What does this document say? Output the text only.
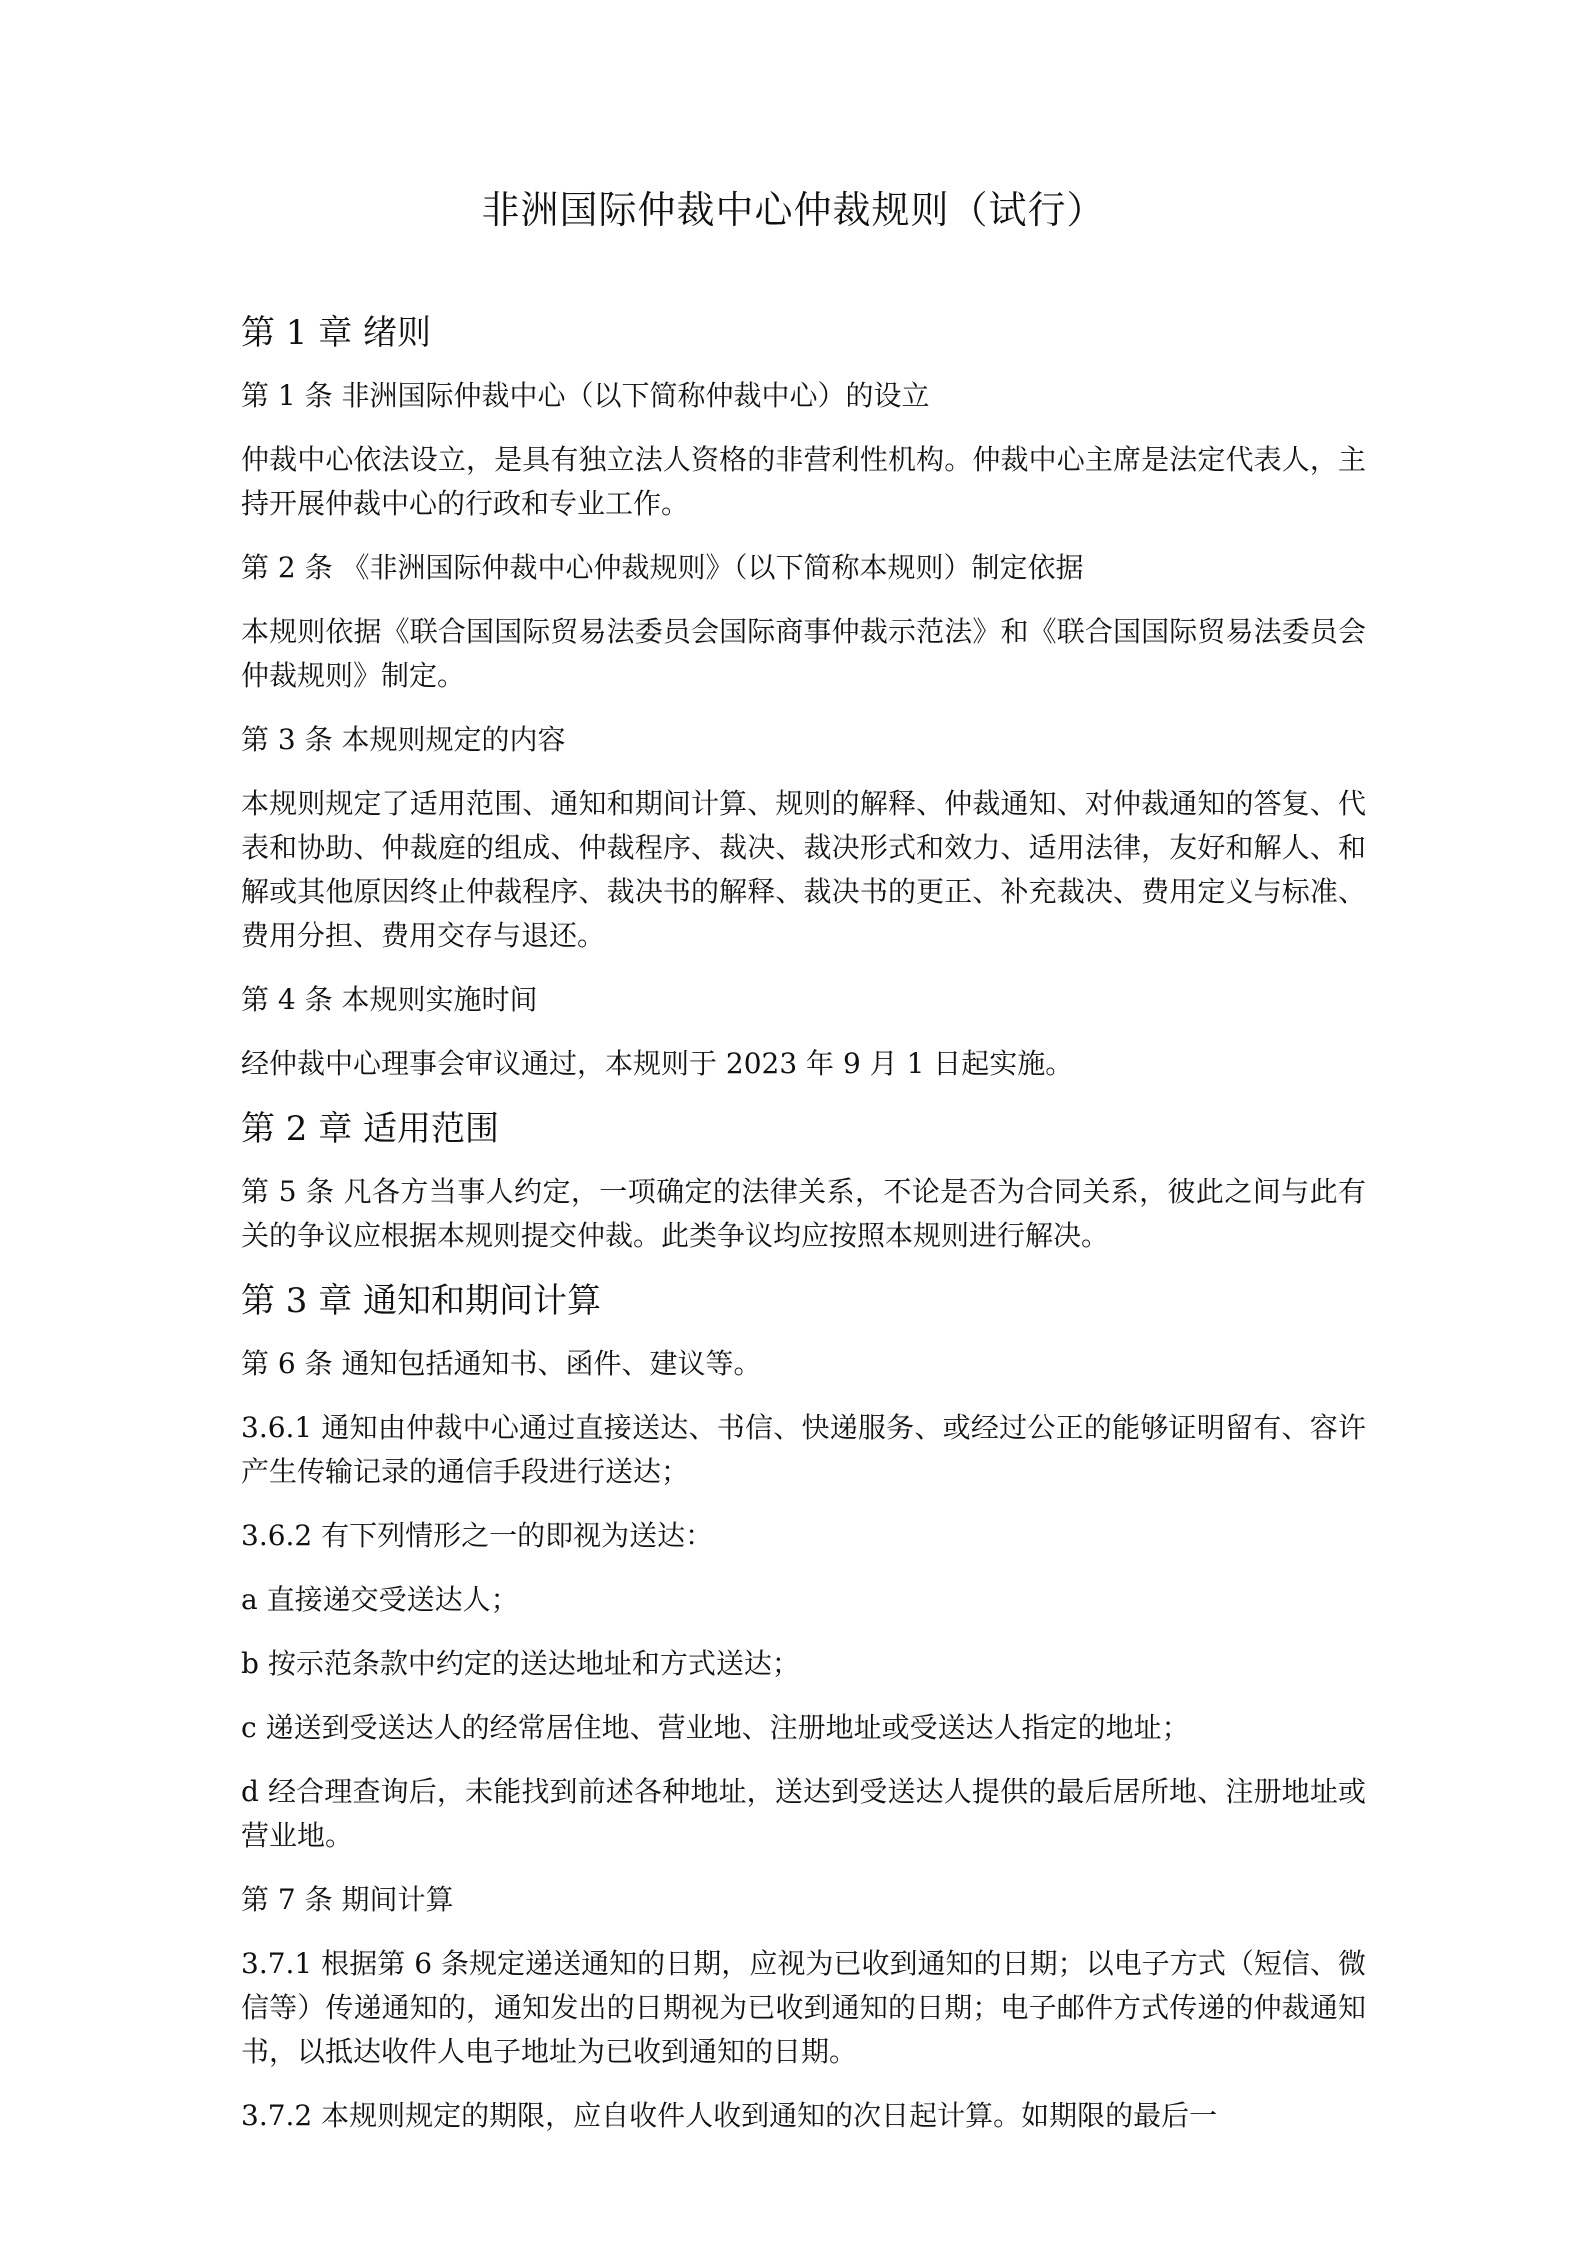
非洲国际仲裁中心仲裁规则（试行）
第 1 章 绪则
第 1 条 非洲国际仲裁中心（以下简称仲裁中心）的设立
仲裁中心依法设立，是具有独立法人资格的非营利性机构。仲裁中心主席是法定代表人，主持开展仲裁中心的行政和专业工作。
第 2 条 《非洲国际仲裁中心仲裁规则》（以下简称本规则）制定依据
本规则依据《联合国国际贸易法委员会国际商事仲裁示范法》和《联合国国际贸易法委员会仲裁规则》制定。
第 3 条 本规则规定的内容
本规则规定了适用范围、通知和期间计算、规则的解释、仲裁通知、对仲裁通知的答复、代表和协助、仲裁庭的组成、仲裁程序、裁决、裁决形式和效力、适用法律，友好和解人、和解或其他原因终止仲裁程序、裁决书的解释、裁决书的更正、补充裁决、费用定义与标准、费用分担、费用交存与退还。
第 4 条 本规则实施时间
经仲裁中心理事会审议通过，本规则于 2023 年 9 月 1 日起实施。
第 2 章 适用范围
第 5 条 凡各方当事人约定，一项确定的法律关系，不论是否为合同关系，彼此之间与此有关的争议应根据本规则提交仲裁。此类争议均应按照本规则进行解决。
第 3 章 通知和期间计算
第 6 条 通知包括通知书、函件、建议等。
3.6.1 通知由仲裁中心通过直接送达、书信、快递服务、或经过公正的能够证明留有、容许产生传输记录的通信手段进行送达；
3.6.2 有下列情形之一的即视为送达：
a 直接递交受送达人；
b 按示范条款中约定的送达地址和方式送达；
c 递送到受送达人的经常居住地、营业地、注册地址或受送达人指定的地址；
d 经合理查询后，未能找到前述各种地址，送达到受送达人提供的最后居所地、注册地址或营业地。
第 7 条 期间计算
3.7.1 根据第 6 条规定递送通知的日期，应视为已收到通知的日期；以电子方式（短信、微信等）传递通知的，通知发出的日期视为已收到通知的日期；电子邮件方式传递的仲裁通知书，以抵达收件人电子地址为已收到通知的日期。
3.7.2 本规则规定的期限，应自收件人收到通知的次日起计算。如期限的最后一
